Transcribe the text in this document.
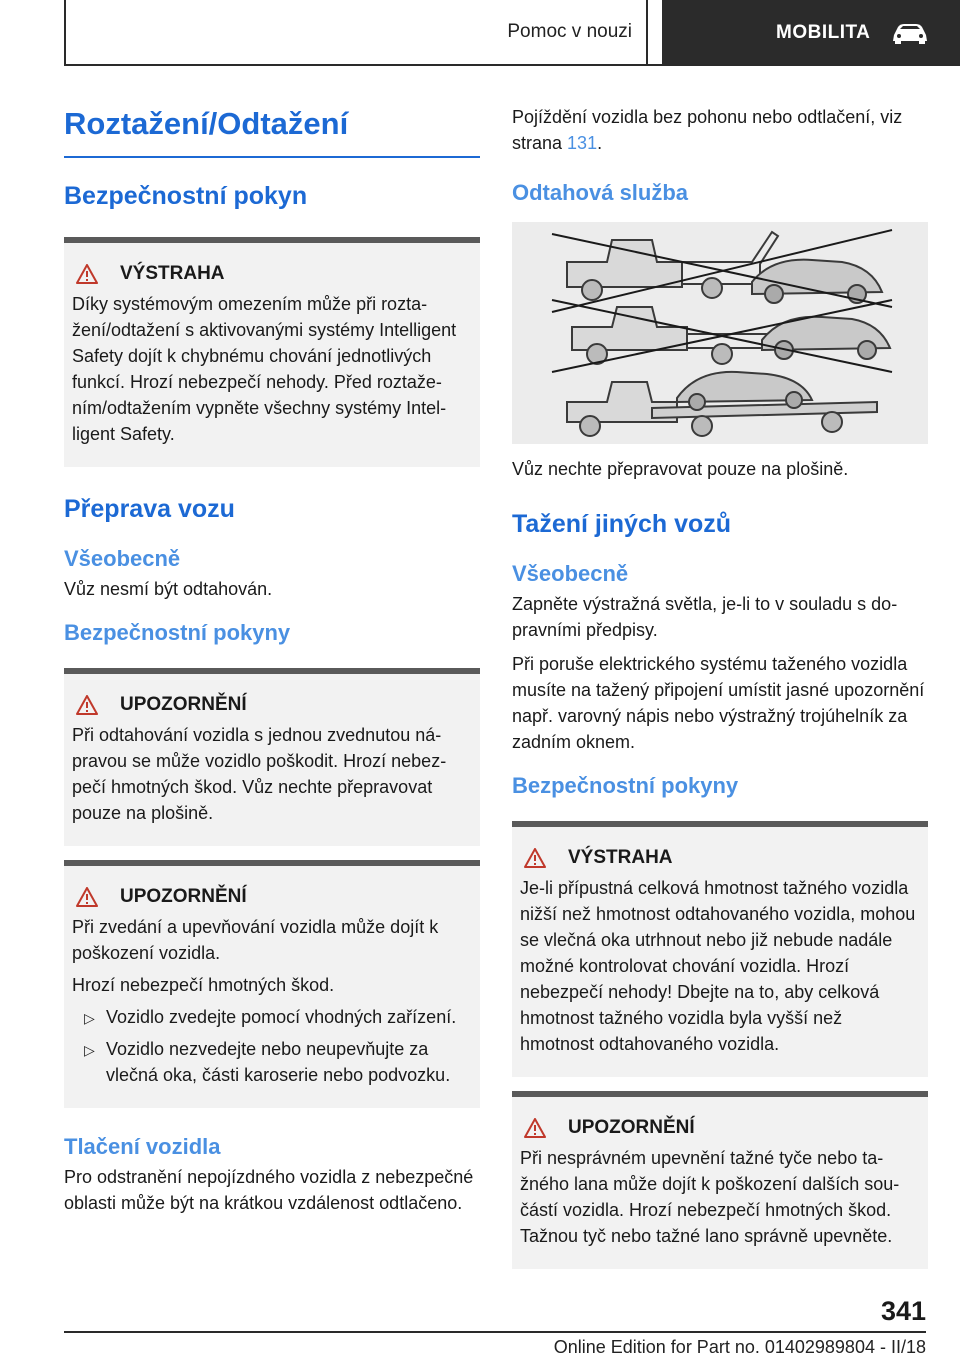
Pomoc v nouzi	MOBILITA
Roztažení/Odtažení
Bezpečnostní pokyn
VÝSTRAHA

Díky systémovým omezením může při roztažení/odtažení s aktivovanými systémy Intelligent Safety dojít k chybnému chování jednotlivých funkcí. Hrozí nebezpečí nehody. Před roztažením/odtažením vypněte všechny systémy Intelligent Safety.

Přeprava vozu
Všeobecně

Vůz nesmí být odtahován.

Bezpečnostní pokyny
UPOZORNĚNÍ

Při odtahování vozidla s jednou zvednutou nápravou se může vozidlo poškodit. Hrozí nebezpečí hmotných škod. Vůz nechte přepravovat pouze na plošině.

UPOZORNĚNÍ

Při zvedání a upevňování vozidla může dojít k poškození vozidla.

Hrozí nebezpečí hmotných škod.

▷ Vozidlo zvedejte pomocí vhodných zařízení.
▷ Vozidlo nezvedejte nebo neupevňujte za vlečná oka, části karoserie nebo podvozku.
Tlačení vozidla

Pro odstranění nepojízdného vozidla z nebezpečné oblasti může být na krátkou vzdálenost odtlačeno.

Pojíždění vozidla bez pohonu nebo odtlačení, viz strana 131.

Odtahová služba

Vůz nechte přepravovat pouze na plošině.

Tažení jiných vozů
Všeobecně

Zapněte výstražná světla, je-li to v souladu s dopravními předpisy.

Při poruše elektrického systému taženého vozidla musíte na tažený připojení umístit jasné upozornění např. varovný nápis nebo výstražný trojúhelník za zadním oknem.

Bezpečnostní pokyny
VÝSTRAHA

Je-li přípustná celková hmotnost tažného vozidla nižší než hmotnost odtahovaného vozidla, mohou se vlečná oka utrhnout nebo již nebude nadále možné kontrolovat chování vozidla. Hrozí nebezpečí nehody! Dbejte na to, aby celková hmotnost tažného vozidla byla vyšší než hmotnost odtahovaného vozidla.

UPOZORNĚNÍ

Při nesprávném upevnění tažné tyče nebo tažného lana může dojít k poškození dalších součástí vozidla. Hrozí nebezpečí hmotných škod. Tažnou tyč nebo tažné lano správně upevněte.

341
Online Edition for Part no. 01402989804 - II/18
